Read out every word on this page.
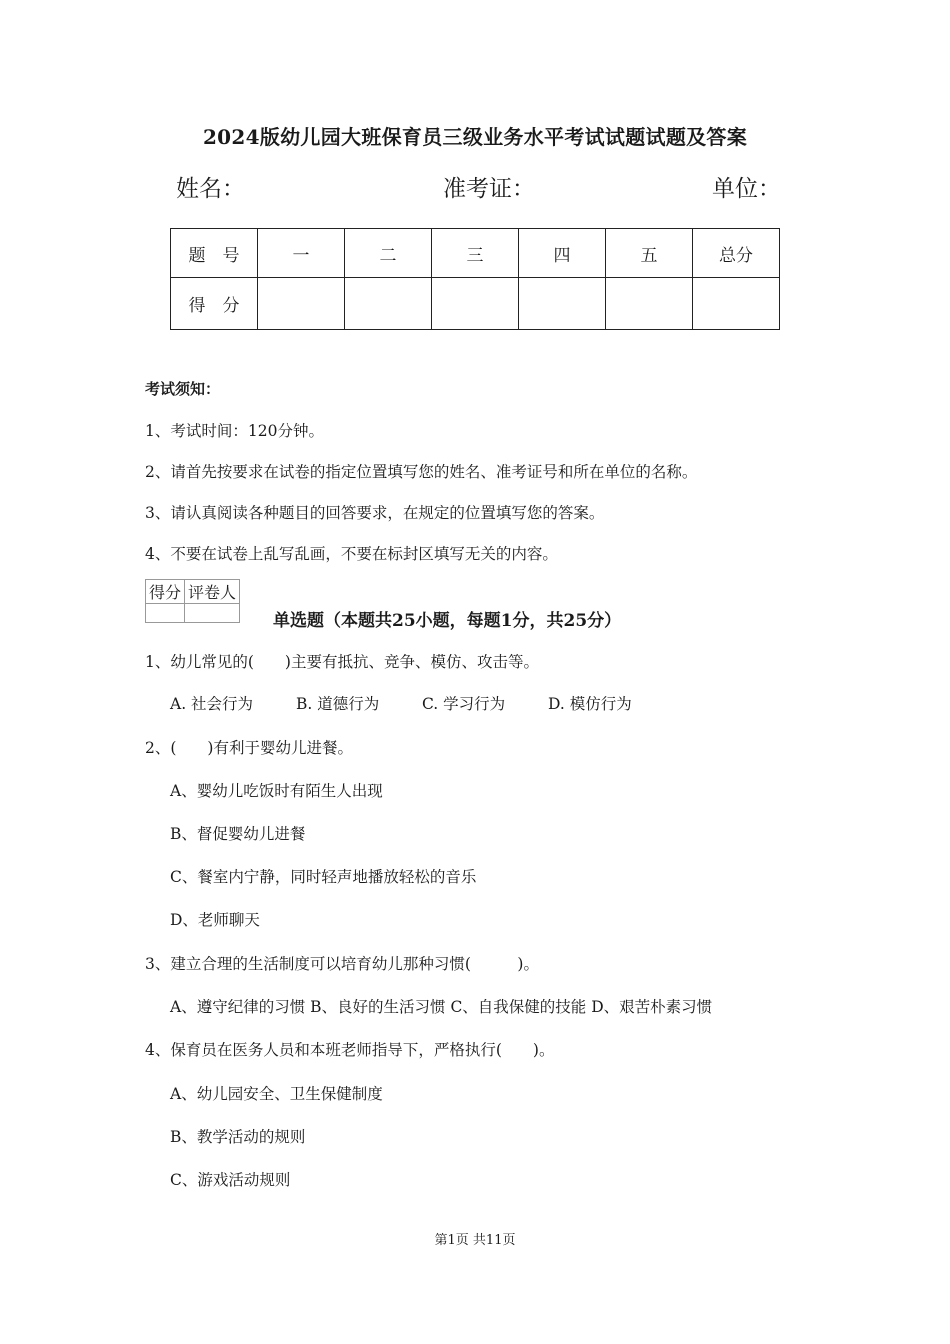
2024版幼儿园大班保育员三级业务水平考试试题试题及答案
姓名：	准考证：	单位：
题　号	一	二	三	四	五	总分
得　分						
考试须知：
1、考试时间：120分钟。
2、请首先按要求在试卷的指定位置填写您的姓名、准考证号和所在单位的名称。
3、请认真阅读各种题目的回答要求，在规定的位置填写您的答案。
4、不要在试卷上乱写乱画，不要在标封区填写无关的内容。
得分	评卷人

单选题（本题共25小题，每题1分，共25分）
1、幼儿常见的(　　)主要有抵抗、竞争、模仿、攻击等。
A. 社会行为	B. 道德行为	C. 学习行为	D. 模仿行为
2、(　　)有利于婴幼儿进餐。
A、婴幼儿吃饭时有陌生人出现
B、督促婴幼儿进餐
C、餐室内宁静，同时轻声地播放轻松的音乐
D、老师聊天
3、建立合理的生活制度可以培育幼儿那种习惯(　　　)。
A、遵守纪律的习惯 B、良好的生活习惯 C、自我保健的技能 D、艰苦朴素习惯
4、保育员在医务人员和本班老师指导下，严格执行(　　)。
A、幼儿园安全、卫生保健制度
B、教学活动的规则
C、游戏活动规则
第1页 共11页
